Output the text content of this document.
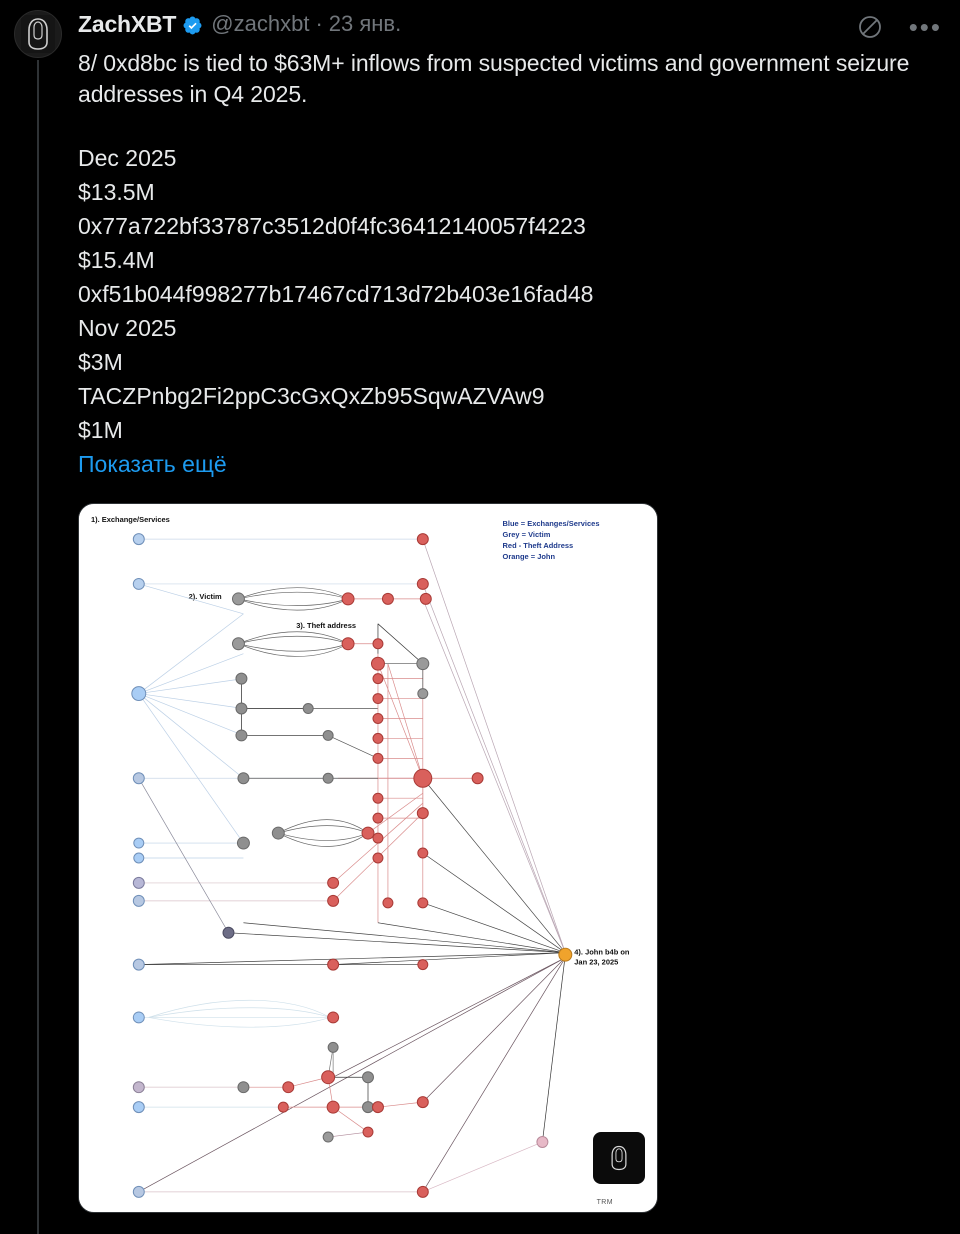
•••
ZachXBT @zachxbt · 23 янв.
8/ 0xd8bc is tied to $63M+ inflows from suspected victims and government seizure addresses in Q4 2025.
Dec 2025
$13.5M
0x77a722bf33787c3512d0f4fc36412140057f4223
$15.4M
0xf51b044f998277b17467cd713d72b403e16fad48
Nov 2025
$3M
TACZPnbg2Fi2ppC3cGxQxZb95SqwAZVAw9
$1M
Показать ещё
Blue = Exchanges/Services
Grey = Victim
Red - Theft Address
Orange = John
1). Exchange/Services
2). Victim
3). Theft address
4). John b4b on
Jan 23, 2025
TRM
